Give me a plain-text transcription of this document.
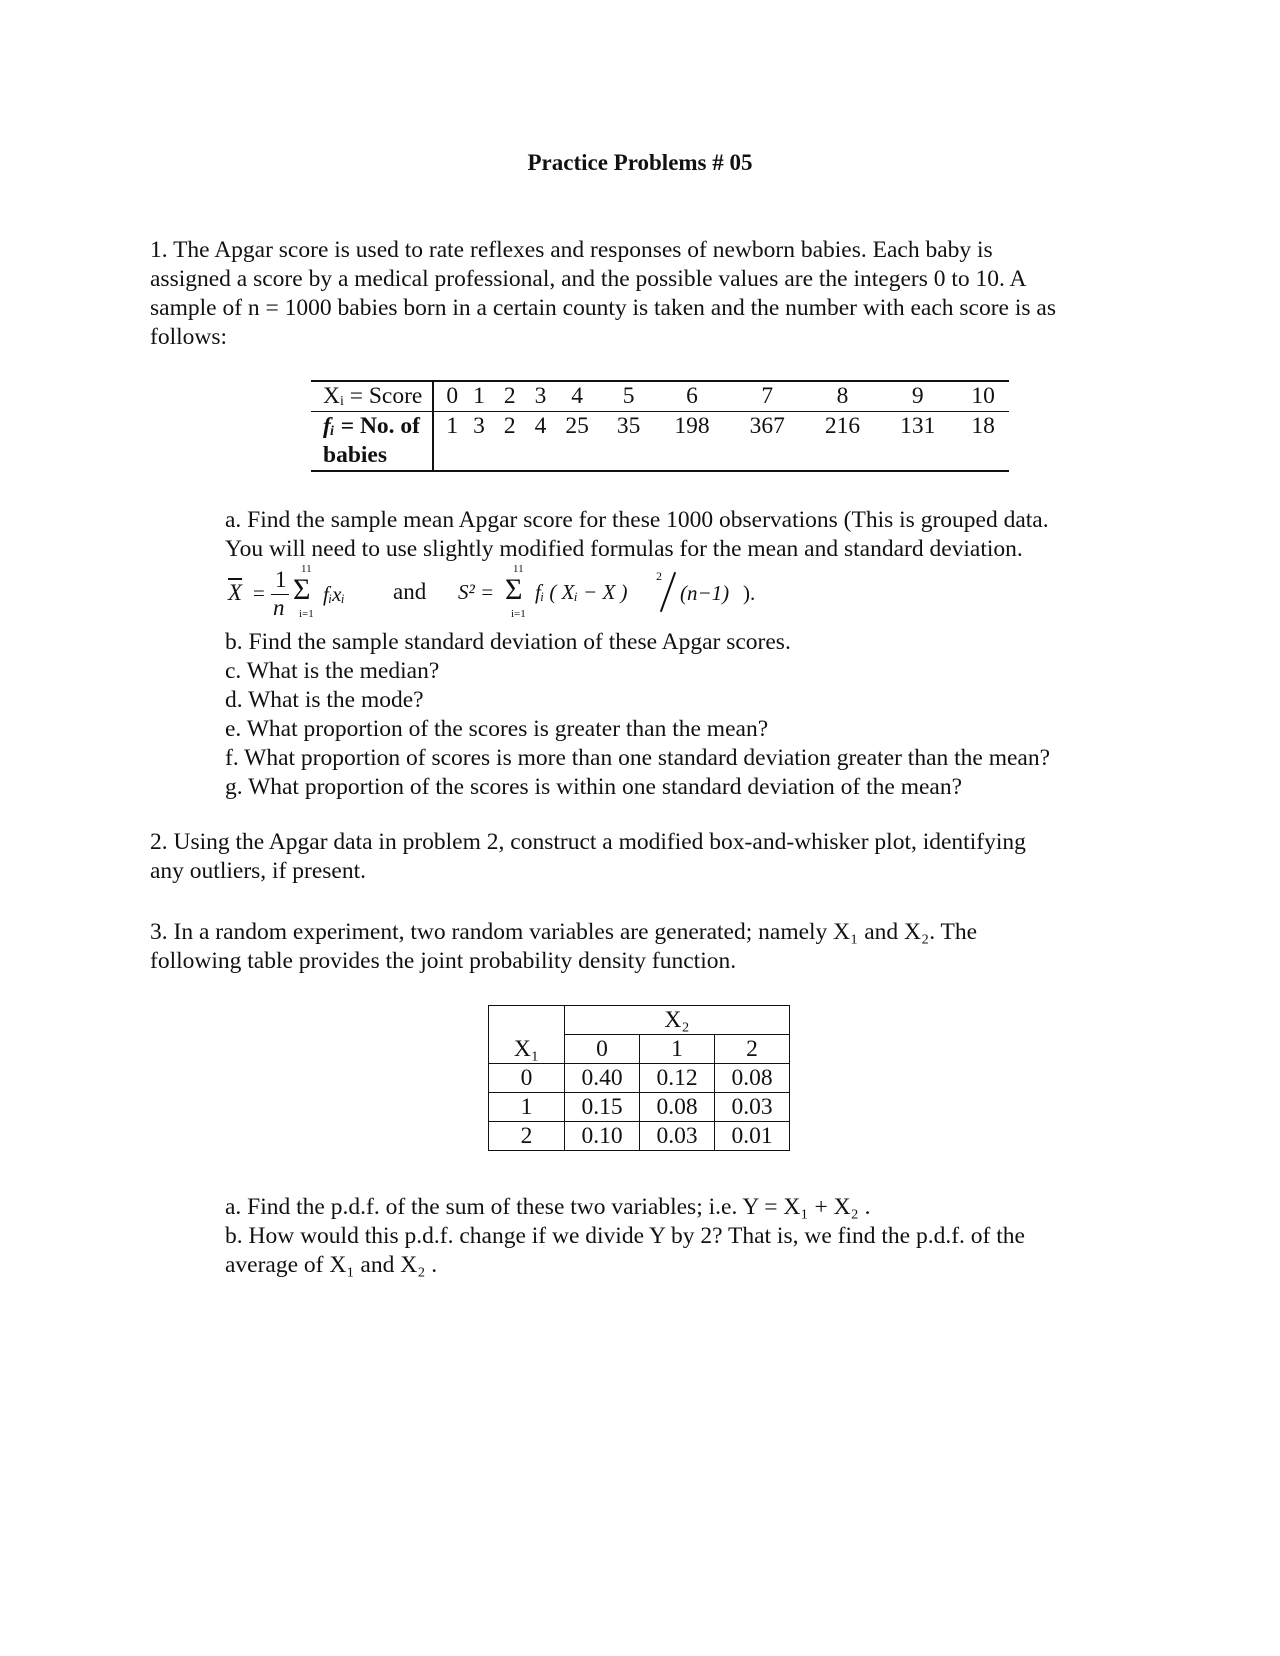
Practice Problems # 05
1. The Apgar score is used to rate reflexes and responses of newborn babies. Each baby is
assigned a score by a medical professional, and the possible values are the integers 0 to 10. A
sample of n = 1000 babies born in a certain county is taken and the number with each score is as
follows:
Xᵢ = Score	0	1	2	3	4	5	6	7	8	9	10
fᵢ = No. of
babies	1	3	2	4	25	35	198	367	216	131	18
a. Find the sample mean Apgar score for these 1000 observations (This is grouped data.
You will need to use slightly modified formulas for the mean and standard deviation.
$\overline{X}$ =
1
n
11
Σ
i=1
fᵢxᵢ and S² =
11
Σ
i=1
fᵢ ( Xᵢ − X )
2
(n−1) ).
b. Find the sample standard deviation of these Apgar scores.
c. What is the median?
d. What is the mode?
e. What proportion of the scores is greater than the mean?
f. What proportion of scores is more than one standard deviation greater than the mean?
g. What proportion of the scores is within one standard deviation of the mean?
2. Using the Apgar data in problem 2, construct a modified box-and-whisker plot, identifying
any outliers, if present.
3. In a random experiment, two random variables are generated; namely X₁ and X₂. The
following table provides the joint probability density function.
	X₂		
X₁	0	1	2
0	0.40	0.12	0.08
1	0.15	0.08	0.03
2	0.10	0.03	0.01
a. Find the p.d.f. of the sum of these two variables; i.e. Y = X₁ + X₂ .
b. How would this p.d.f. change if we divide Y by 2? That is, we find the p.d.f. of the
average of X₁ and X₂ .
